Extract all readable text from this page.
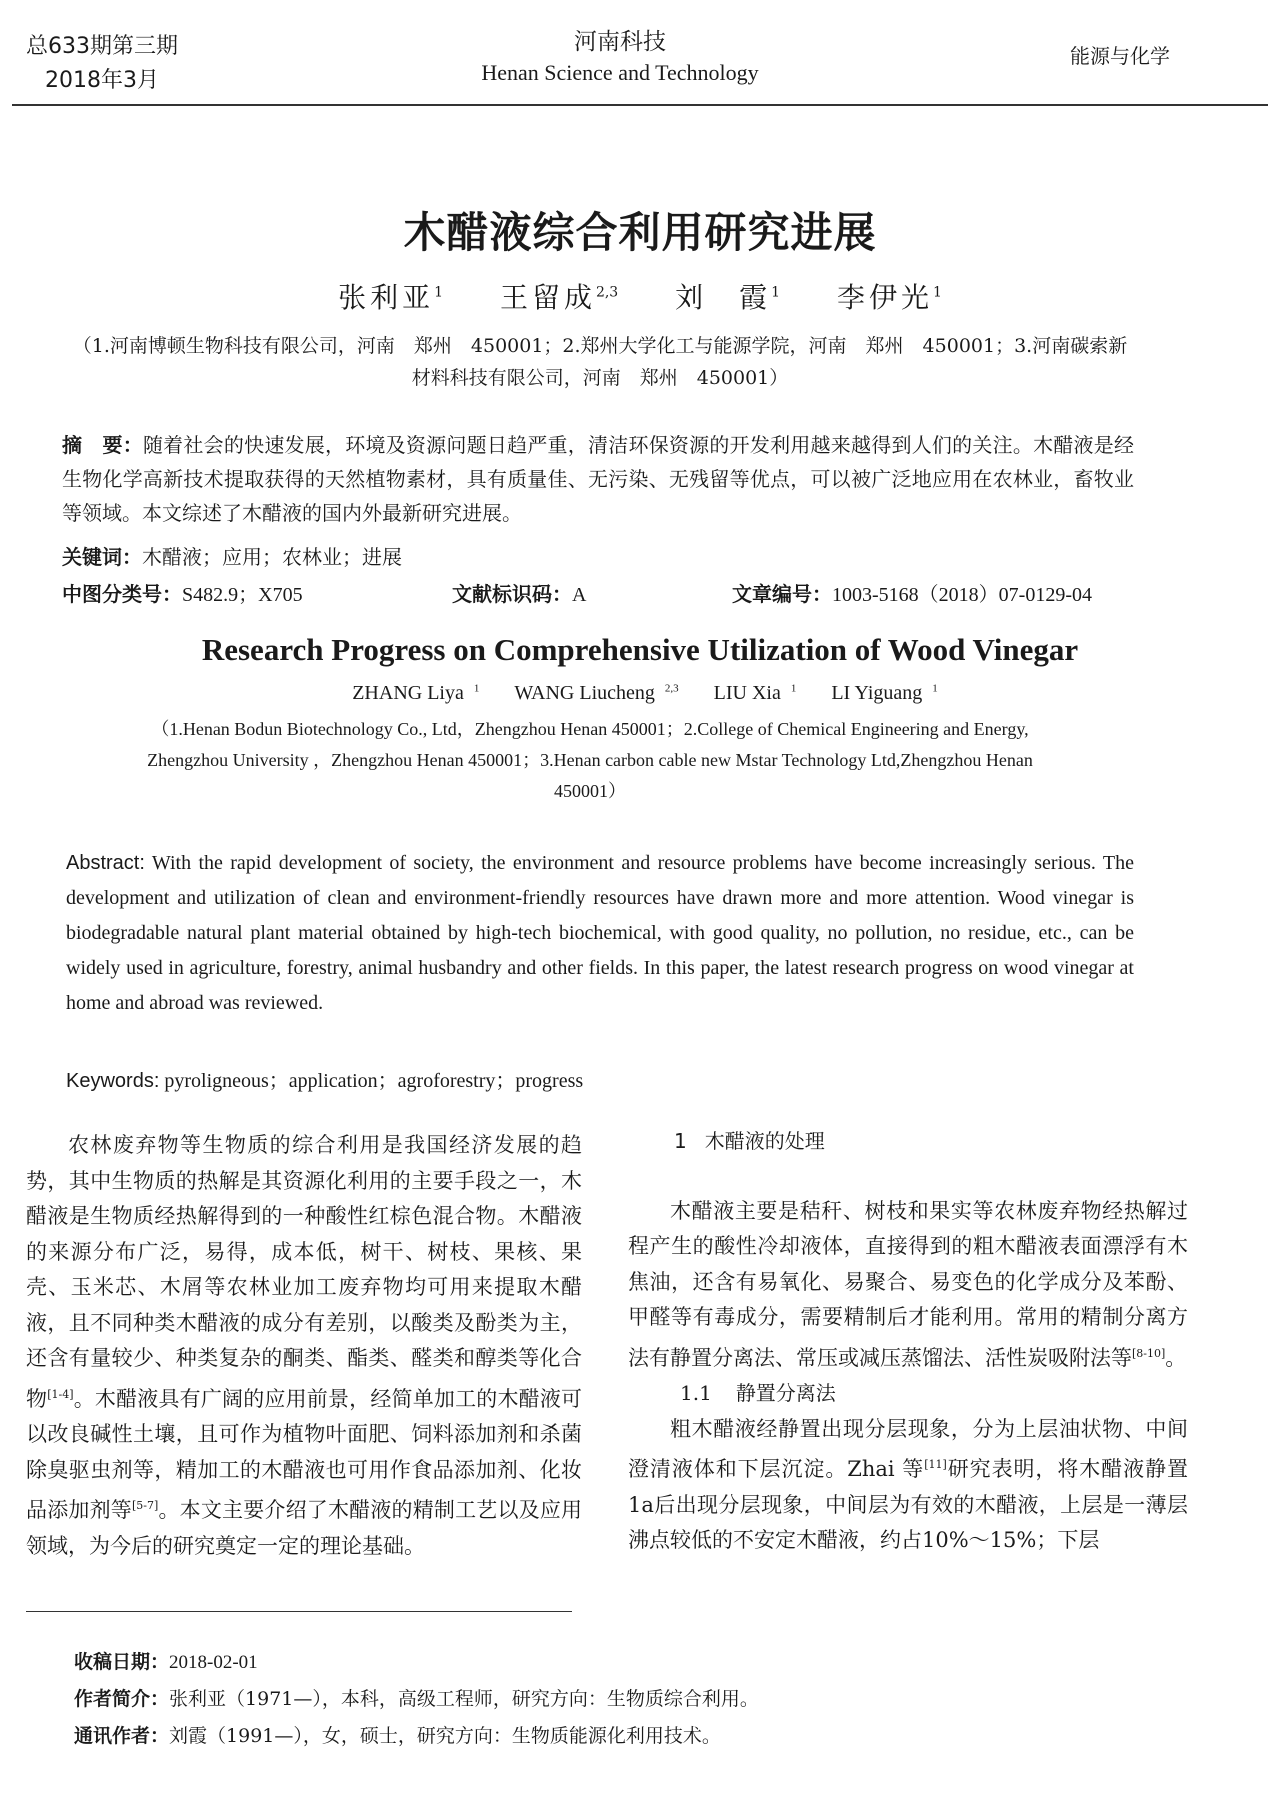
总633期第三期
2018年3月
河南科技
Henan Science and Technology
能源与化学
木醋液综合利用研究进展
张利亚$^1$ 王留成$^{2,3}$ 刘　霞$^1$ 李伊光$^1$
（1.河南博顿生物科技有限公司，河南　郑州　450001；2.郑州大学化工与能源学院，河南　郑州　450001；3.河南碳索新
材料科技有限公司，河南　郑州　450001）
摘　要：随着社会的快速发展，环境及资源问题日趋严重，清洁环保资源的开发利用越来越得到人们的关注。木醋液是经生物化学高新技术提取获得的天然植物素材，具有质量佳、无污染、无残留等优点，可以被广泛地应用在农林业，畜牧业等领域。本文综述了木醋液的国内外最新研究进展。
关键词：木醋液；应用；农林业；进展
中图分类号：S482.9；X705	文献标识码：A	文章编号：1003-5168（2018）07-0129-04
Research Progress on Comprehensive Utilization of Wood Vinegar
ZHANG Liya $^1$ WANG Liucheng $^{2,3}$ LIU Xia $^1$ LI Yiguang $^1$
（1.Henan Bodun Biotechnology Co., Ltd，Zhengzhou Henan 450001；2.College of Chemical Engineering and Energy,
Zhengzhou University ，Zhengzhou Henan 450001；3.Henan carbon cable new Mstar Technology Ltd,Zhengzhou Henan
450001）
Abstract: With the rapid development of society, the environment and resource problems have become increasingly serious. The development and utilization of clean and environment-friendly resources have drawn more and more attention. Wood vinegar is biodegradable natural plant material obtained by high-tech biochemical, with good quality, no pollution, no residue, etc., can be widely used in agriculture, forestry, animal husbandry and other fields. In this paper, the latest research progress on wood vinegar at home and abroad was reviewed.
Keywords: pyroligneous；application；agroforestry；progress

农林废弃物等生物质的综合利用是我国经济发展的趋势，其中生物质的热解是其资源化利用的主要手段之一，木醋液是生物质经热解得到的一种酸性红棕色混合物。木醋液的来源分布广泛，易得，成本低，树干、树枝、果核、果壳、玉米芯、木屑等农林业加工废弃物均可用来提取木醋液，且不同种类木醋液的成分有差别，以酸类及酚类为主，还含有量较少、种类复杂的酮类、酯类、醛类和醇类等化合物[1-4]。木醋液具有广阔的应用前景，经简单加工的木醋液可以改良碱性土壤，且可作为植物叶面肥、饲料添加剂和杀菌除臭驱虫剂等，精加工的木醋液也可用作食品添加剂、化妆品添加剂等[5-7]。本文主要介绍了木醋液的精制工艺以及应用领域，为今后的研究奠定一定的理论基础。

1 木醋液的处理

木醋液主要是秸秆、树枝和果实等农林废弃物经热解过程产生的酸性冷却液体，直接得到的粗木醋液表面漂浮有木焦油，还含有易氧化、易聚合、易变色的化学成分及苯酚、甲醛等有毒成分，需要精制后才能利用。常用的精制分离方法有静置分离法、常压或减压蒸馏法、活性炭吸附法等[8-10]。

1.1 静置分离法

粗木醋液经静置出现分层现象，分为上层油状物、中间澄清液体和下层沉淀。Zhai 等[11]研究表明，将木醋液静置1a后出现分层现象，中间层为有效的木醋液，上层是一薄层沸点较低的不安定木醋液，约占10%～15%；下层

收稿日期：2018-02-01
作者简介：张利亚（1971—），本科，高级工程师，研究方向：生物质综合利用。
通讯作者：刘霞（1991—），女，硕士，研究方向：生物质能源化利用技术。
